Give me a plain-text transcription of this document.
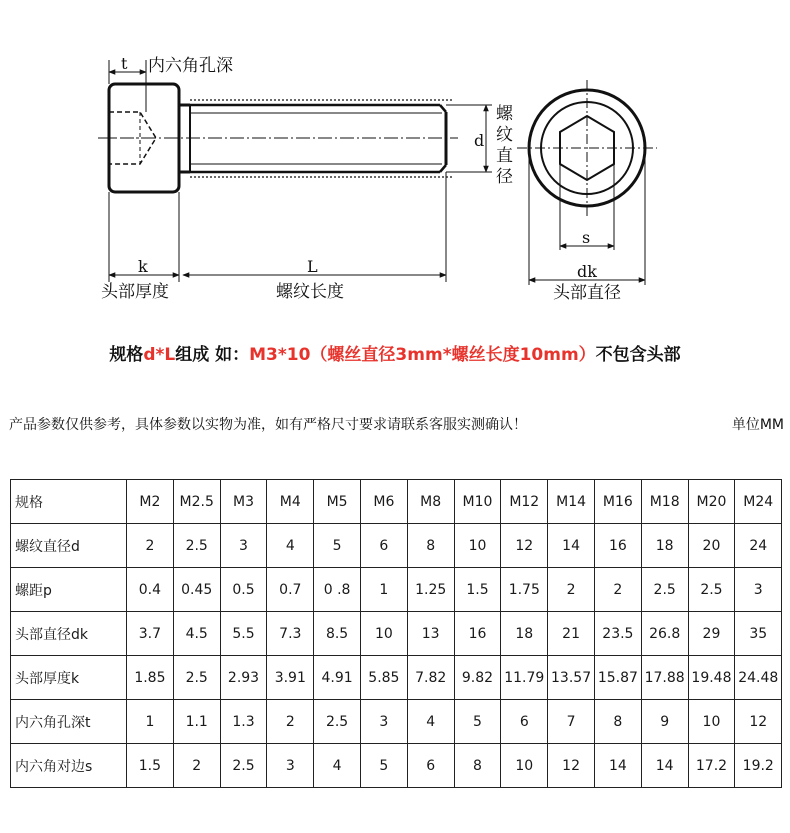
t 内六角孔深
d
螺
纹
直
径
k
头部厚度
L
螺纹长度
s
dk
头部直径
规格d*L组成 如：M3*10（螺丝直径3mm*螺丝长度10mm）不包含头部
产品参数仅供参考，具体参数以实物为准，如有严格尺寸要求请联系客服实测确认！	单位MM
规格	M2	M2.5	M3	M4	M5	M6	M8	M10	M12	M14	M16	M18	M20	M24
螺纹直径d	2	2.5	3	4	5	6	8	10	12	14	16	18	20	24
螺距p	0.4	0.45	0.5	0.7	0 .8	1	1.25	1.5	1.75	2	2	2.5	2.5	3
头部直径dk	3.7	4.5	5.5	7.3	8.5	10	13	16	18	21	23.5	26.8	29	35
头部厚度k	1.85	2.5	2.93	3.91	4.91	5.85	7.82	9.82	11.79	13.57	15.87	17.88	19.48	24.48
内六角孔深t	1	1.1	1.3	2	2.5	3	4	5	6	7	8	9	10	12
内六角对边s	1.5	2	2.5	3	4	5	6	8	10	12	14	14	17.2	19.2
